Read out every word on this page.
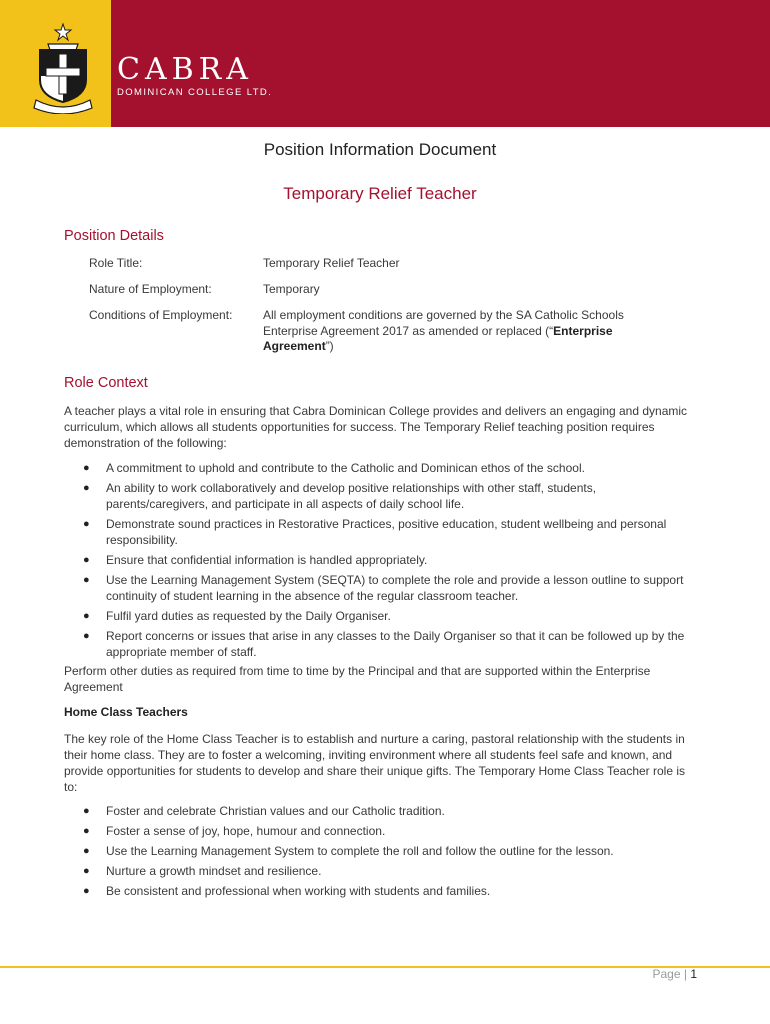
CABRA
DOMINICAN COLLEGE LTD.
Position Information Document
Temporary Relief Teacher
Position Details
Role Title:	Temporary Relief Teacher
Nature of Employment:	Temporary
Conditions of Employment:	All employment conditions are governed by the SA Catholic Schools Enterprise Agreement 2017 as amended or replaced (“Enterprise Agreement”)
Role Context

A teacher plays a vital role in ensuring that Cabra Dominican College provides and delivers an engaging and dynamic curriculum, which allows all students opportunities for success. The Temporary Relief teaching position requires demonstration of the following:

● A commitment to uphold and contribute to the Catholic and Dominican ethos of the school.
● An ability to work collaboratively and develop positive relationships with other staff, students, parents/caregivers, and participate in all aspects of daily school life.
● Demonstrate sound practices in Restorative Practices, positive education, student wellbeing and personal responsibility.
● Ensure that confidential information is handled appropriately.
● Use the Learning Management System (SEQTA) to complete the role and provide a lesson outline to support continuity of student learning in the absence of the regular classroom teacher.
● Fulfil yard duties as requested by the Daily Organiser.
● Report concerns or issues that arise in any classes to the Daily Organiser so that it can be followed up by the appropriate member of staff.

Perform other duties as required from time to time by the Principal and that are supported within the Enterprise Agreement

Home Class Teachers

The key role of the Home Class Teacher is to establish and nurture a caring, pastoral relationship with the students in their home class. They are to foster a welcoming, inviting environment where all students feel safe and known, and provide opportunities for students to develop and share their unique gifts. The Temporary Home Class Teacher role is to:

● Foster and celebrate Christian values and our Catholic tradition.
● Foster a sense of joy, hope, humour and connection.
● Use the Learning Management System to complete the roll and follow the outline for the lesson.
● Nurture a growth mindset and resilience.
● Be consistent and professional when working with students and families.
Page | 1
